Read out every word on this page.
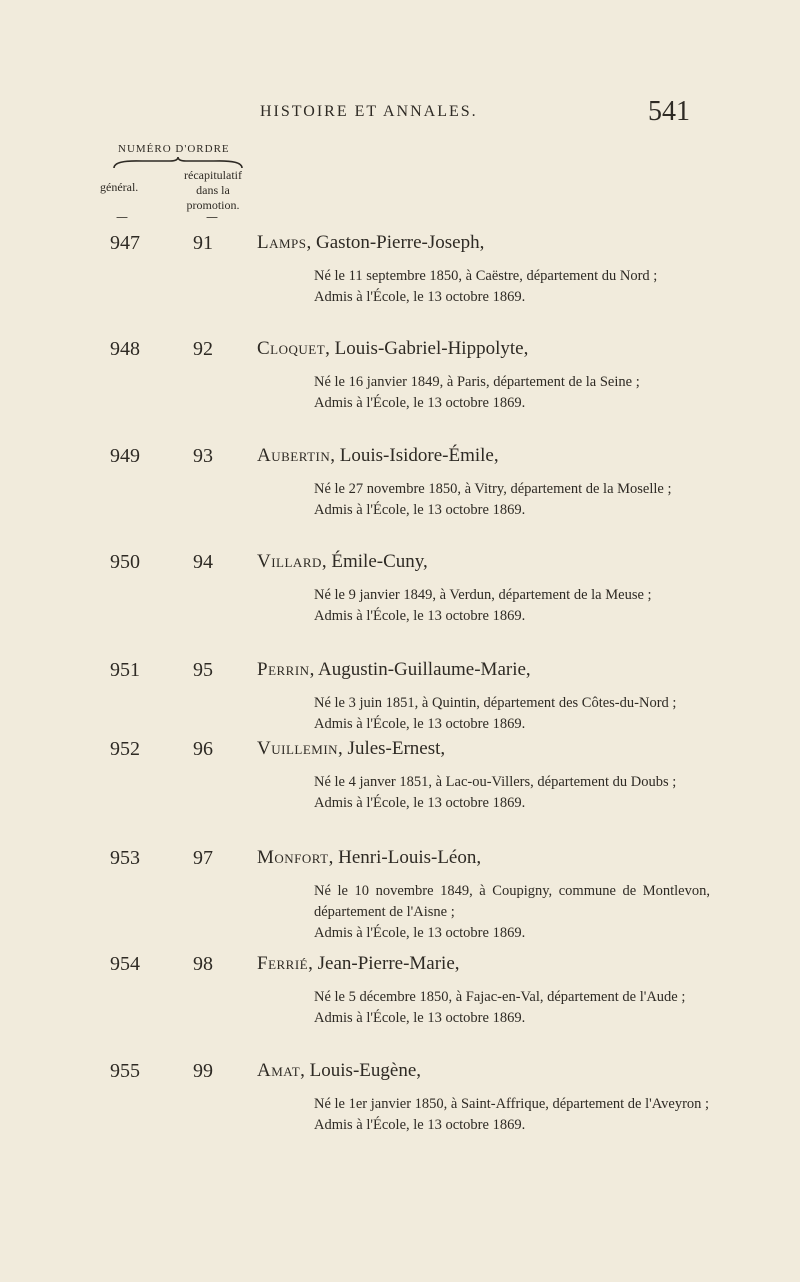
HISTOIRE ET ANNALES.	541
NUMÉRO D'ORDRE
général.
récapitulatif dans la promotion.
—	—
947	91 Lamps, Gaston-Pierre-Joseph,
Né le 11 septembre 1850, à Caëstre, département du Nord ;
Admis à l'École, le 13 octobre 1869.
948	92 Cloquet, Louis-Gabriel-Hippolyte,
Né le 16 janvier 1849, à Paris, département de la Seine ;
Admis à l'École, le 13 octobre 1869.
949	93 Aubertin, Louis-Isidore-Émile,
Né le 27 novembre 1850, à Vitry, département de la Moselle ;
Admis à l'École, le 13 octobre 1869.
950	94 Villard, Émile-Cuny,
Né le 9 janvier 1849, à Verdun, département de la Meuse ;
Admis à l'École, le 13 octobre 1869.
951	95 Perrin, Augustin-Guillaume-Marie,
Né le 3 juin 1851, à Quintin, département des Côtes-du-Nord ;
Admis à l'École, le 13 octobre 1869.
952	96 Vuillemin, Jules-Ernest,
Né le 4 janver 1851, à Lac-ou-Villers, département du Doubs ;
Admis à l'École, le 13 octobre 1869.
953	97 Monfort, Henri-Louis-Léon,
Né le 10 novembre 1849, à Coupigny, commune de Montlevon, département de l'Aisne ;
Admis à l'École, le 13 octobre 1869.
954	98 Ferrié, Jean-Pierre-Marie,
Né le 5 décembre 1850, à Fajac-en-Val, département de l'Aude ;
Admis à l'École, le 13 octobre 1869.
955	99 Amat, Louis-Eugène,
Né le 1er janvier 1850, à Saint-Affrique, département de l'Aveyron ;
Admis à l'École, le 13 octobre 1869.
